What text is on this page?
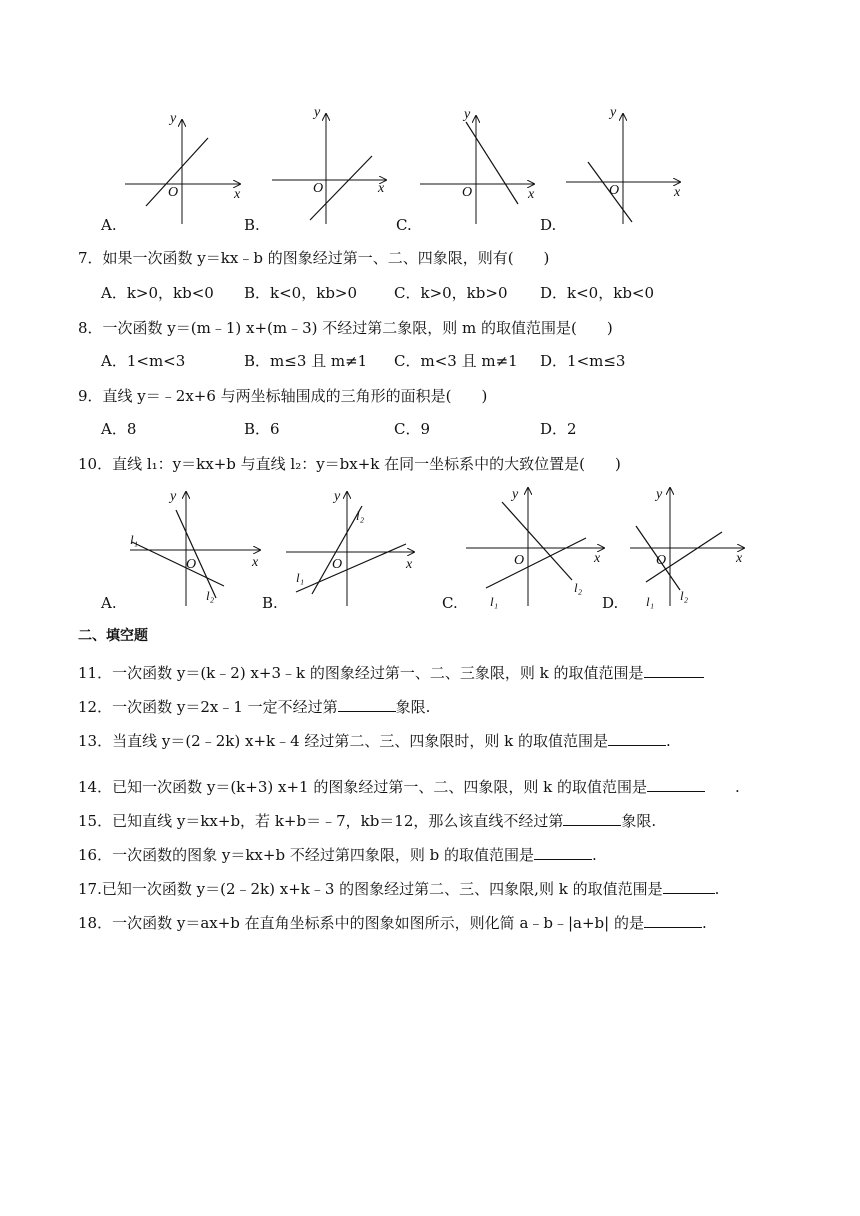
y
x
O
y
x
O
y
x
O
y
x
O
A.	B.	C.	D.
7．如果一次函数 y＝kx﹣b 的图象经过第一、二、四象限，则有(　　)
A．k>0，kb<0 B．k<0，kb>0 C．k>0，kb>0 D．k<0，kb<0
8．一次函数 y＝(m﹣1) x+(m﹣3) 不经过第二象限，则 m 的取值范围是(　　)
A．1<m<3	B．m≤3 且 m≠1 C．m<3 且 m≠1 D．1<m≤3
9．直线 y＝﹣2x+6 与两坐标轴围成的三角形的面积是(　　)
A．8	B．6	C．9	D．2
10．直线 l₁：y＝kx+b 与直线 l₂：y＝bx+k 在同一坐标系中的大致位置是(　　)
y
x
O
l₁
l₂
y
x
O
l₁
l₂
y
x
O
l₁
l₂
y
x
O
l₁ l₂
A.	B.	C.	D.
二、填空题
11．一次函数 y＝(k﹣2) x+3﹣k 的图象经过第一、二、三象限，则 k 的取值范围是
12．一次函数 y＝2x﹣1 一定不经过第	象限.
13．当直线 y＝(2﹣2k) x+k﹣4 经过第二、三、四象限时，则 k 的取值范围是	.
14．已知一次函数 y＝(k+3) x+1 的图象经过第一、二、四象限，则 k 的取值范围是	　　.
15．已知直线 y＝kx+b，若 k+b＝﹣7，kb＝12，那么该直线不经过第	象限.
16．一次函数的图象 y＝kx+b 不经过第四象限，则 b 的取值范围是	.
17.已知一次函数 y＝(2﹣2k) x+k﹣3 的图象经过第二、三、四象限,则 k 的取值范围是	.
18．一次函数 y＝ax+b 在直角坐标系中的图象如图所示，则化简 a﹣b﹣|a+b| 的是	.
